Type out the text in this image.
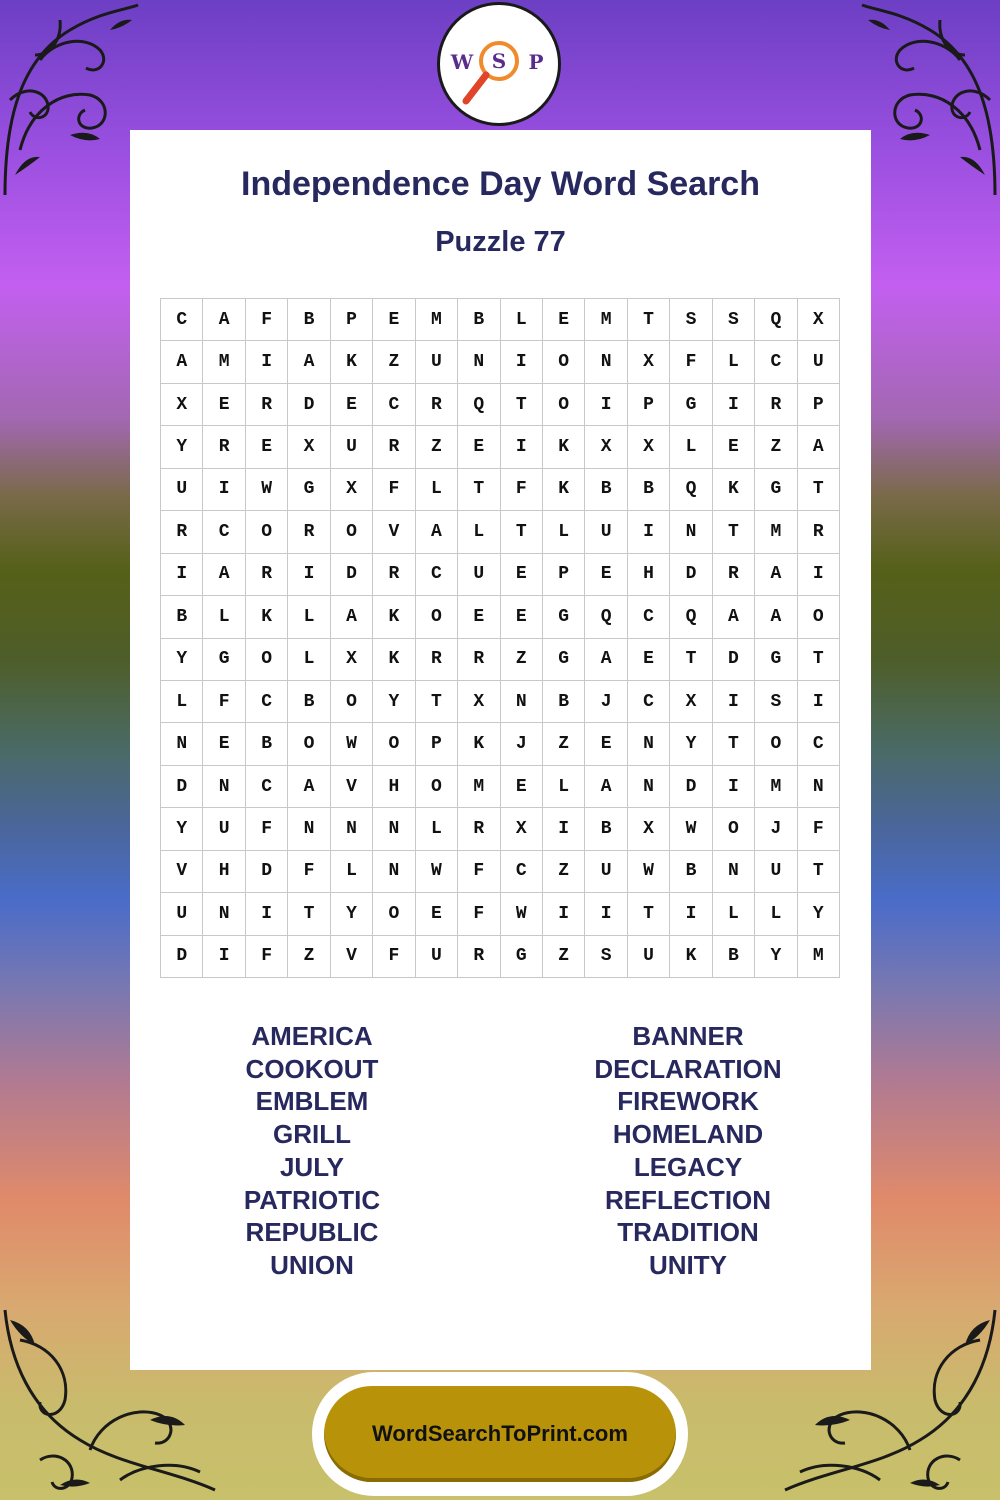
W S P
Independence Day Word Search
Puzzle 77
C	A	F	B	P	E	M	B	L	E	M	T	S	S	Q	X
A	M	I	A	K	Z	U	N	I	O	N	X	F	L	C	U
X	E	R	D	E	C	R	Q	T	O	I	P	G	I	R	P
Y	R	E	X	U	R	Z	E	I	K	X	X	L	E	Z	A
U	I	W	G	X	F	L	T	F	K	B	B	Q	K	G	T
R	C	O	R	O	V	A	L	T	L	U	I	N	T	M	R
I	A	R	I	D	R	C	U	E	P	E	H	D	R	A	I
B	L	K	L	A	K	O	E	E	G	Q	C	Q	A	A	O
Y	G	O	L	X	K	R	R	Z	G	A	E	T	D	G	T
L	F	C	B	O	Y	T	X	N	B	J	C	X	I	S	I
N	E	B	O	W	O	P	K	J	Z	E	N	Y	T	O	C
D	N	C	A	V	H	O	M	E	L	A	N	D	I	M	N
Y	U	F	N	N	N	L	R	X	I	B	X	W	O	J	F
V	H	D	F	L	N	W	F	C	Z	U	W	B	N	U	T
U	N	I	T	Y	O	E	F	W	I	I	T	I	L	L	Y
D	I	F	Z	V	F	U	R	G	Z	S	U	K	B	Y	M
AMERICA
COOKOUT
EMBLEM
GRILL
JULY
PATRIOTIC
REPUBLIC
UNION
BANNER
DECLARATION
FIREWORK
HOMELAND
LEGACY
REFLECTION
TRADITION
UNITY
WordSearchToPrint.com
